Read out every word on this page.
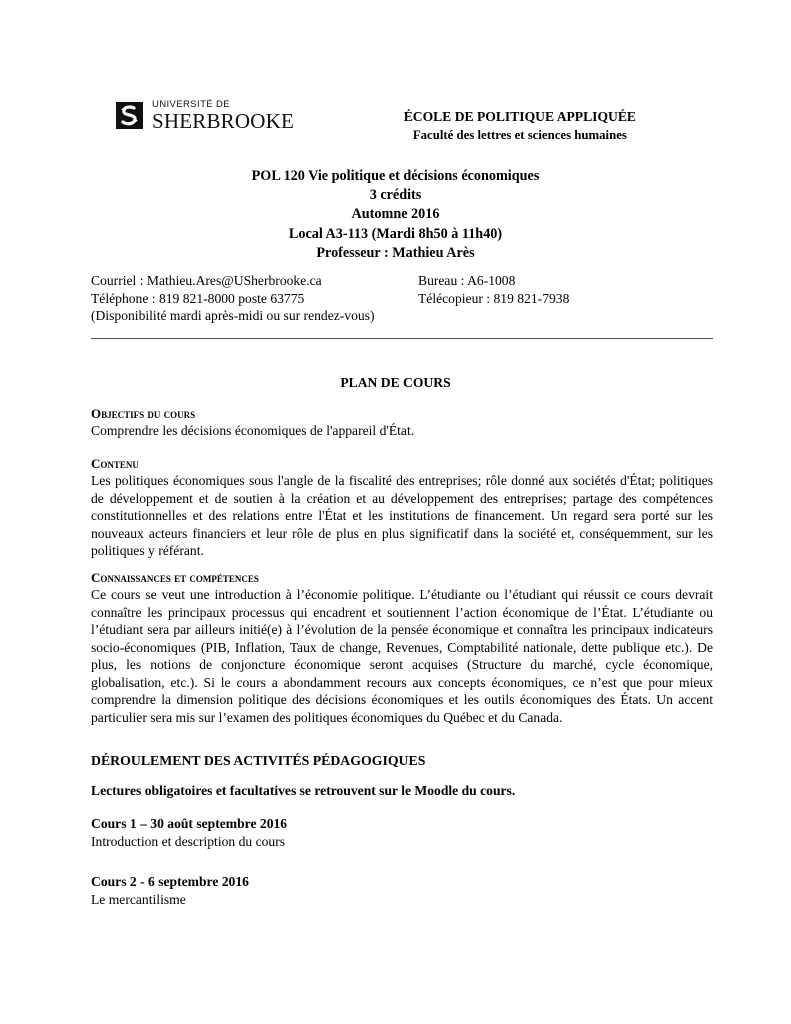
UNIVERSITÉ DE
SHERBROOKE	ÉCOLE DE POLITIQUE APPLIQUÉE
Faculté des lettres et sciences humaines
POL 120 Vie politique et décisions économiques
3 crédits
Automne 2016
Local A3-113 (Mardi 8h50 à 11h40)
Professeur : Mathieu Arès
Courriel : Mathieu.Ares@USherbrooke.ca
Téléphone : 819 821-8000 poste 63775
(Disponibilité mardi après-midi ou sur rendez-vous)
Bureau : A6-1008
Télécopieur : 819 821-7938
PLAN DE COURS
Objectifs du cours
Comprendre les décisions économiques de l'appareil d'État.
Contenu
Les politiques économiques sous l'angle de la fiscalité des entreprises; rôle donné aux sociétés d'État; politiques de développement et de soutien à la création et au développement des entreprises; partage des compétences constitutionnelles et des relations entre l'État et les institutions de financement. Un regard sera porté sur les nouveaux acteurs financiers et leur rôle de plus en plus significatif dans la société et, conséquemment, sur les politiques y référant.
Connaissances et compétences
Ce cours se veut une introduction à l’économie politique. L’étudiante ou l’étudiant qui réussit ce cours devrait connaître les principaux processus qui encadrent et soutiennent l’action économique de l’État. L’étudiante ou l’étudiant sera par ailleurs initié(e) à l’évolution de la pensée économique et connaîtra les principaux indicateurs socio-économiques (PIB, Inflation, Taux de change, Revenues, Comptabilité nationale, dette publique etc.). De plus, les notions de conjoncture économique seront acquises (Structure du marché, cycle économique, globalisation, etc.). Si le cours a abondamment recours aux concepts économiques, ce n’est que pour mieux comprendre la dimension politique des décisions économiques et les outils économiques des États. Un accent particulier sera mis sur l’examen des politiques économiques du Québec et du Canada.
DÉROULEMENT DES ACTIVITÉS PÉDAGOGIQUES
Lectures obligatoires et facultatives se retrouvent sur le Moodle du cours.
Cours 1 – 30 août septembre 2016
Introduction et description du cours
Cours 2 - 6 septembre 2016
Le mercantilisme
